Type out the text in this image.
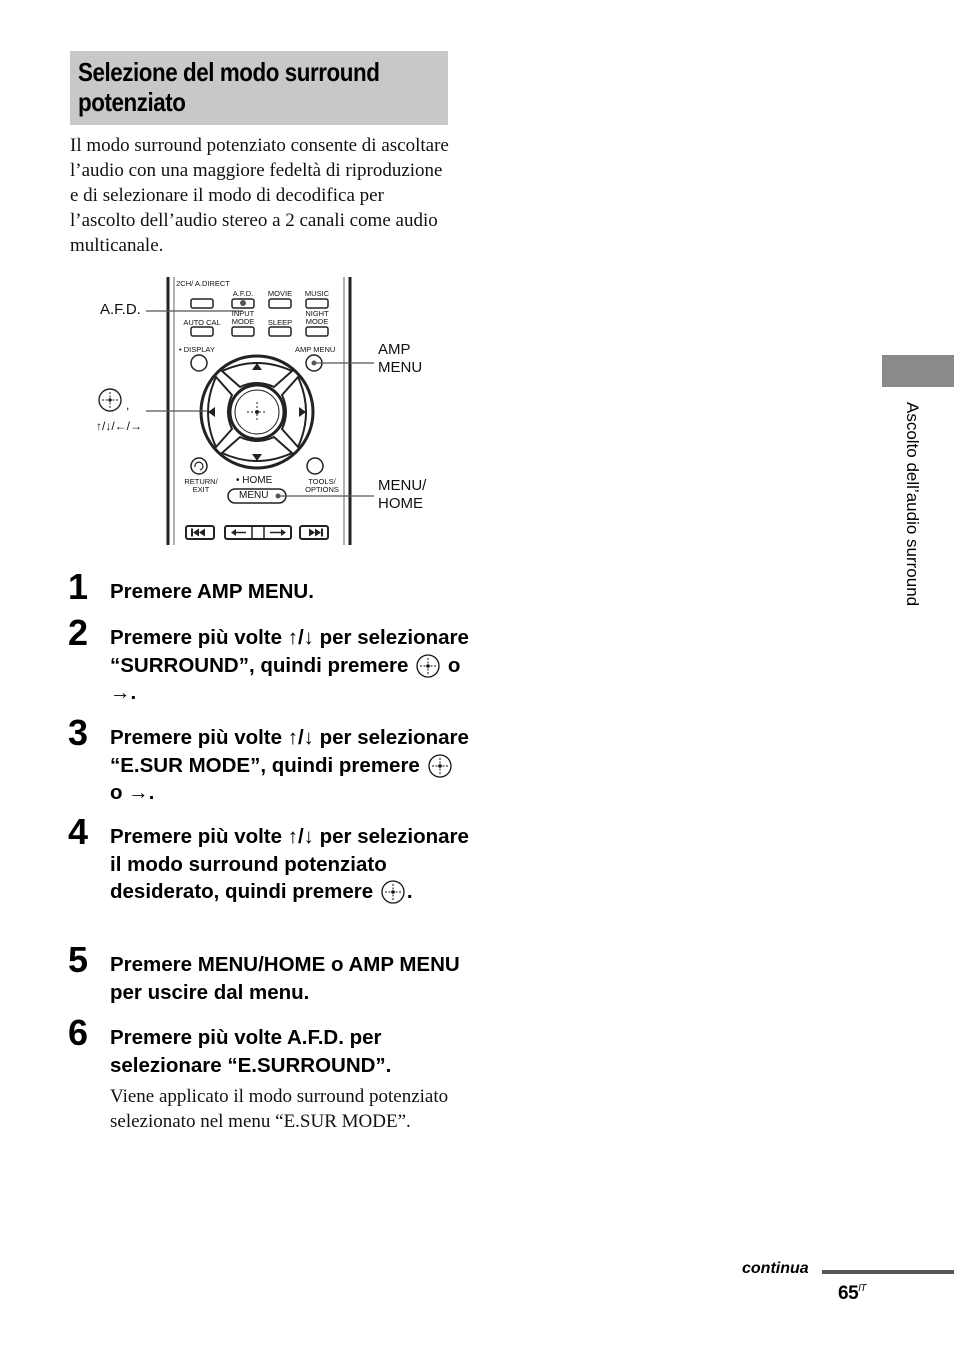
Selezione del modo surround potenziato

Il modo surround potenziato consente di ascoltare l’audio con una maggiore fedeltà di riproduzione e di selezionare il modo di decodifica per l’ascolto dell’audio stereo a 2 canali come audio multicanale.

,
2CH/ A.DIRECT
A.F.D.	MOVIE	MUSIC
AUTO CAL
INPUT MODE	SLEEP
NIGHT MODE
• DISPLAY	AMP MENU
RETURN/ EXIT
• HOME
MENU
TOOLS/ OPTIONS
A.F.D.
↑/↓/←/→
AMP MENU
MENU/ HOME
1 Premere AMP MENU.

2 Premere più volte ↑/↓ per selezionare “SURROUND”, quindi premere o →.

3 Premere più volte ↑/↓ per selezionare “E.SUR MODE”, quindi premere  o →.

4 Premere più volte ↑/↓ per selezionare il modo surround potenziato desiderato, quindi premere .

5 Premere MENU/HOME o AMP MENU per uscire dal menu.

6 Premere più volte A.F.D. per selezionare “E.SURROUND”.

Viene applicato il modo surround potenziato selezionato nel menu “E.SUR MODE”.

Ascolto dell’audio surround
continua
$65^{IT}$
